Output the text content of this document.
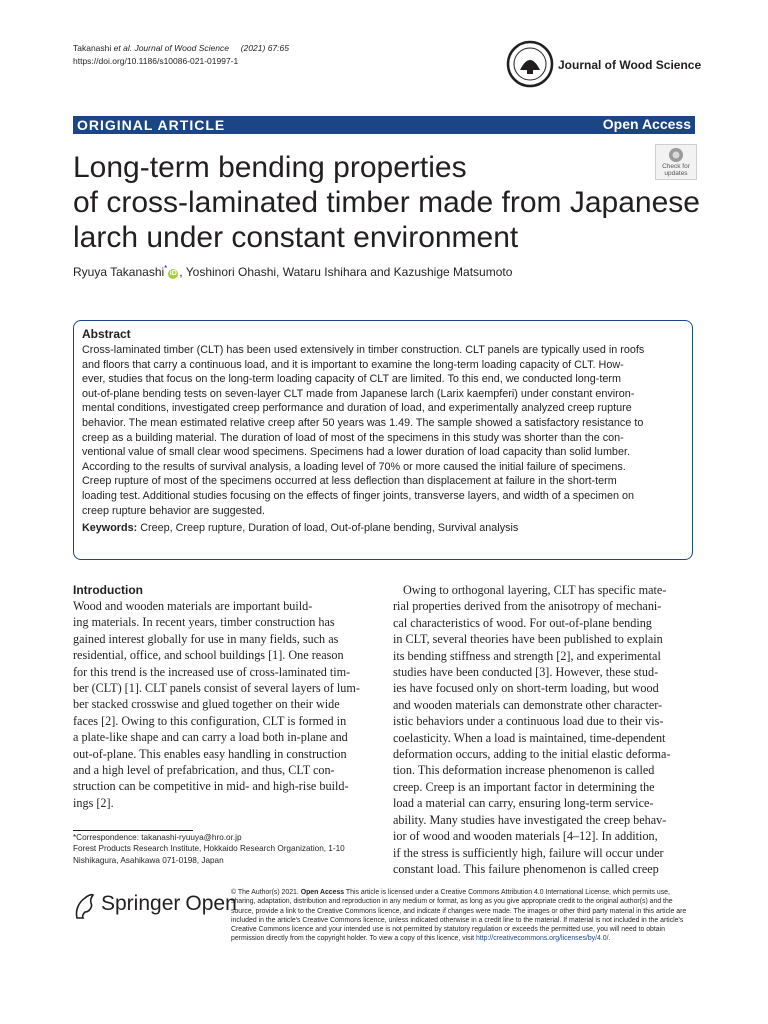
Takanashi et al. Journal of Wood Science (2021) 67:65
https://doi.org/10.1186/s10086-021-01997-1	Journal of Wood Science
ORIGINAL ARTICLE	Open Access
Check for
updates
Long-term bending properties
of cross-laminated timber made from Japanese
larch under constant environment
Ryuya Takanashi*iD , Yoshinori Ohashi, Wataru Ishihara and Kazushige Matsumoto
Abstract
Cross-laminated timber (CLT) has been used extensively in timber construction. CLT panels are typically used in roofs
and floors that carry a continuous load, and it is important to examine the long-term loading capacity of CLT. How-
ever, studies that focus on the long-term loading capacity of CLT are limited. To this end, we conducted long-term
out-of-plane bending tests on seven-layer CLT made from Japanese larch (Larix kaempferi) under constant environ-
mental conditions, investigated creep performance and duration of load, and experimentally analyzed creep rupture
behavior. The mean estimated relative creep after 50 years was 1.49. The sample showed a satisfactory resistance to
creep as a building material. The duration of load of most of the specimens in this study was shorter than the con-
ventional value of small clear wood specimens. Specimens had a lower duration of load capacity than solid lumber.
According to the results of survival analysis, a loading level of 70% or more caused the initial failure of specimens.
Creep rupture of most of the specimens occurred at less deflection than displacement at failure in the short-term
loading test. Additional studies focusing on the effects of finger joints, transverse layers, and width of a specimen on
creep rupture behavior are suggested.
Keywords: Creep, Creep rupture, Duration of load, Out-of-plane bending, Survival analysis
Introduction
Wood and wooden materials are important build-
ing materials. In recent years, timber construction has
gained interest globally for use in many fields, such as
residential, office, and school buildings [1]. One reason
for this trend is the increased use of cross-laminated tim-
ber (CLT) [1]. CLT panels consist of several layers of lum-
ber stacked crosswise and glued together on their wide
faces [2]. Owing to this configuration, CLT is formed in
a plate-like shape and can carry a load both in-plane and
out-of-plane. This enables easy handling in construction
and a high level of prefabrication, and thus, CLT con-
struction can be competitive in mid- and high-rise build-
ings [2].
Owing to orthogonal layering, CLT has specific mate-
rial properties derived from the anisotropy of mechani-
cal characteristics of wood. For out-of-plane bending
in CLT, several theories have been published to explain
its bending stiffness and strength [2], and experimental
studies have been conducted [3]. However, these stud-
ies have focused only on short-term loading, but wood
and wooden materials can demonstrate other character-
istic behaviors under a continuous load due to their vis-
coelasticity. When a load is maintained, time-dependent
deformation occurs, adding to the initial elastic deforma-
tion. This deformation increase phenomenon is called
creep. Creep is an important factor in determining the
load a material can carry, ensuring long-term service-
ability. Many studies have investigated the creep behav-
ior of wood and wooden materials [4–12]. In addition,
if the stress is sufficiently high, failure will occur under
constant load. This failure phenomenon is called creep
*Correspondence: takanashi-ryuuya@hro.or.jp
Forest Products Research Institute, Hokkaido Research Organization, 1-10
Nishikagura, Asahikawa 071-0198, Japan
Springer Open
© The Author(s) 2021. Open Access This article is licensed under a Creative Commons Attribution 4.0 International License, which permits use, sharing, adaptation, distribution and reproduction in any medium or format, as long as you give appropriate credit to the original author(s) and the source, provide a link to the Creative Commons licence, and indicate if changes were made. The images or other third party material in this article are included in the article's Creative Commons licence, unless indicated otherwise in a credit line to the material. If material is not included in the article's Creative Commons licence and your intended use is not permitted by statutory regulation or exceeds the permitted use, you will need to obtain permission directly from the copyright holder. To view a copy of this licence, visit http://creativecommons.org/licenses/by/4.0/.
